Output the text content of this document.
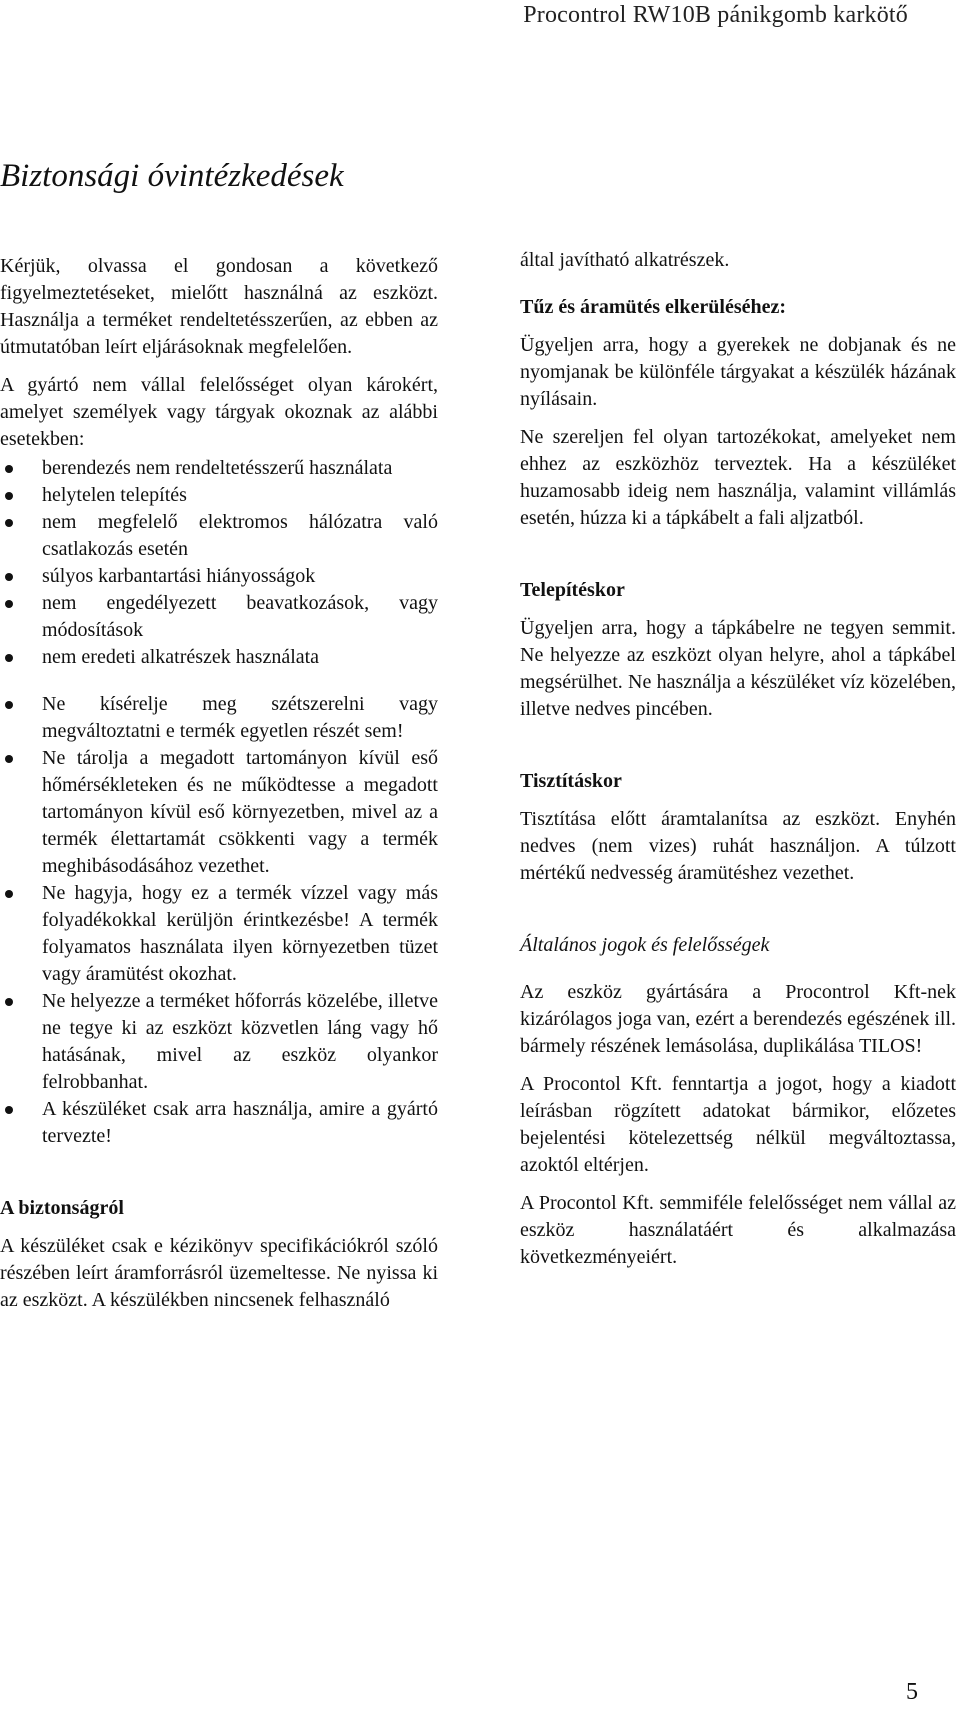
Procontrol RW10B pánikgomb karkötő
Biztonsági óvintézkedések

Kérjük, olvassa el gondosan a következő figyelmeztetéseket, mielőtt használná az eszközt. Használja a terméket rendeltetésszerűen, az ebben az útmutatóban leírt eljárásoknak megfelelően.

A gyártó nem vállal felelősséget olyan károkért, amelyet személyek vagy tárgyak okoznak az alábbi esetekben:

berendezés nem rendeltetésszerű használata
helytelen telepítés
nem megfelelő elektromos hálózatra való csatlakozás esetén
súlyos karbantartási hiányosságok
nem engedélyezett beavatkozások, vagy módosítások
nem eredeti alkatrészek használata
Ne kísérelje meg szétszerelni vagy megváltoztatni e termék egyetlen részét sem!
Ne tárolja a megadott tartományon kívül eső hőmérsékleteken és ne működtesse a megadott tartományon kívül eső környezetben, mivel az a termék élettartamát csökkenti vagy a termék meghibásodásához vezethet.
Ne hagyja, hogy ez a termék vízzel vagy más folyadékokkal kerüljön érintkezésbe! A termék folyamatos használata ilyen környezetben tüzet vagy áramütést okozhat.
Ne helyezze a terméket hőforrás közelébe, illetve ne tegye ki az eszközt közvetlen láng vagy hő hatásának, mivel az eszköz olyankor felrobbanhat.
A készüléket csak arra használja, amire a gyártó tervezte!

A biztonságról

A készüléket csak e kézikönyv specifikációkról szóló részében leírt áramforrásról üzemeltesse. Ne nyissa ki az eszközt. A készülékben nincsenek felhasználó

által javítható alkatrészek.

Tűz és áramütés elkerüléséhez:

Ügyeljen arra, hogy a gyerekek ne dobjanak és ne nyomjanak be különféle tárgyakat a készülék házának nyílásain.

Ne szereljen fel olyan tartozékokat, amelyeket nem ehhez az eszközhöz terveztek. Ha a készüléket huzamosabb ideig nem használja, valamint villámlás esetén, húzza ki a tápkábelt a fali aljzatból.

Telepítéskor

Ügyeljen arra, hogy a tápkábelre ne tegyen semmit. Ne helyezze az eszközt olyan helyre, ahol a tápkábel megsérülhet. Ne használja a készüléket víz közelében, illetve nedves pincében.

Tisztításkor

Tisztítása előtt áramtalanítsa az eszközt. Enyhén nedves (nem vizes) ruhát használjon. A túlzott mértékű nedvesség áramütéshez vezethet.

Általános jogok és felelősségek

Az eszköz gyártására a Procontrol Kft-nek kizárólagos joga van, ezért a berendezés egészének ill. bármely részének lemásolása, duplikálása TILOS!

A Procontol Kft. fenntartja a jogot, hogy a kiadott leírásban rögzített adatokat bármikor, előzetes bejelentési kötelezettség nélkül megváltoztassa, azoktól eltérjen.

A Procontol Kft. semmiféle felelősséget nem vállal az eszköz használatáért és alkalmazása következményeiért.

5
